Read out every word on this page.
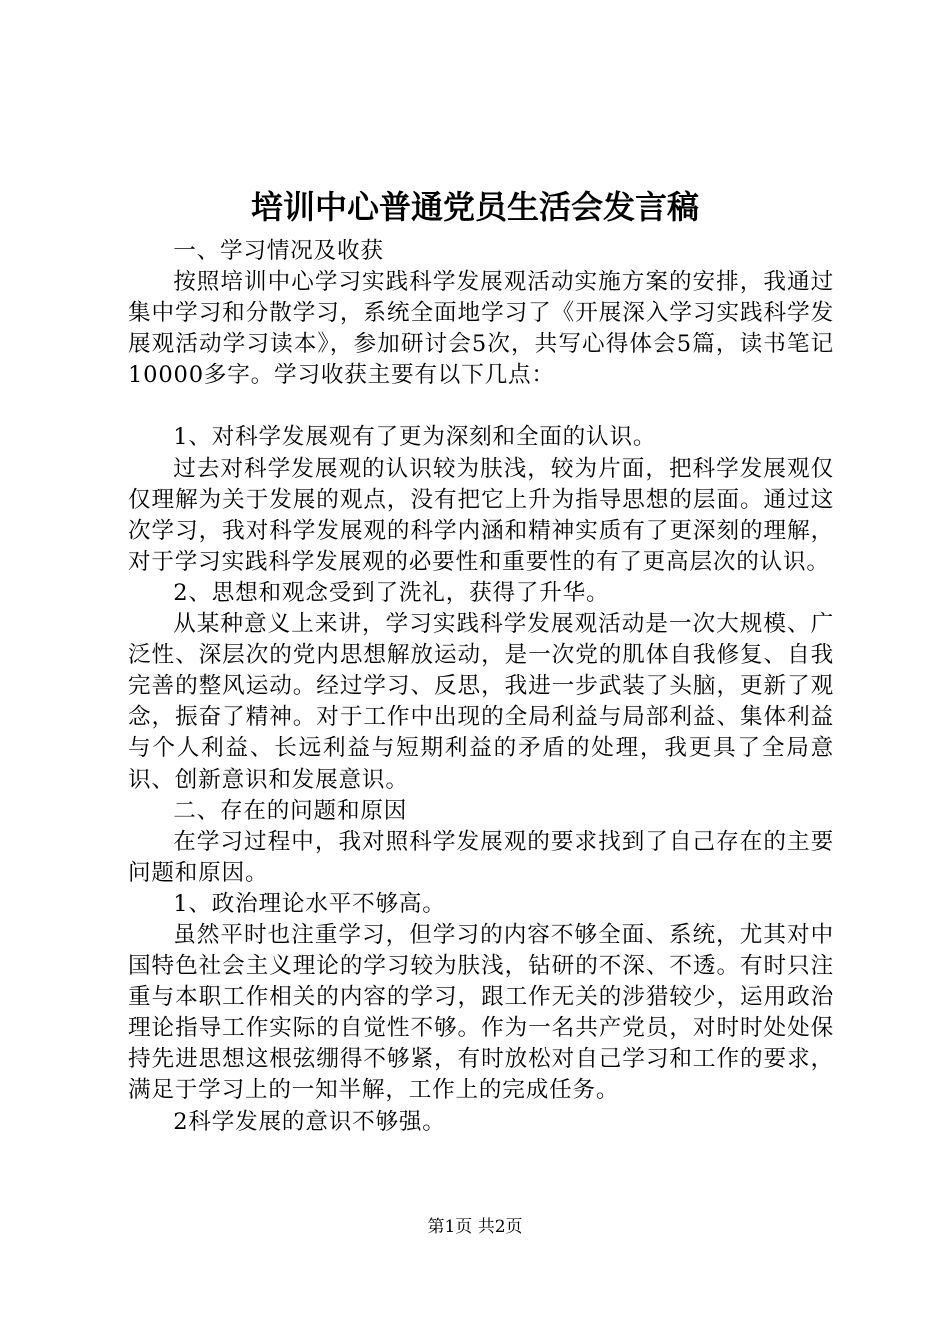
培训中心普通党员生活会发言稿

一、学习情况及收获

按照培训中心学习实践科学发展观活动实施方案的安排，我通过集中学习和分散学习，系统全面地学习了《开展深入学习实践科学发展观活动学习读本》，参加研讨会5次，共写心得体会5篇，读书笔记10000多字。学习收获主要有以下几点：

1、对科学发展观有了更为深刻和全面的认识。

过去对科学发展观的认识较为肤浅，较为片面，把科学发展观仅仅理解为关于发展的观点，没有把它上升为指导思想的层面。通过这次学习，我对科学发展观的科学内涵和精神实质有了更深刻的理解，对于学习实践科学发展观的必要性和重要性的有了更高层次的认识。

2、思想和观念受到了洗礼，获得了升华。

从某种意义上来讲，学习实践科学发展观活动是一次大规模、广泛性、深层次的党内思想解放运动，是一次党的肌体自我修复、自我完善的整风运动。经过学习、反思，我进一步武装了头脑，更新了观念，振奋了精神。对于工作中出现的全局利益与局部利益、集体利益与个人利益、长远利益与短期利益的矛盾的处理，我更具了全局意识、创新意识和发展意识。

二、存在的问题和原因

在学习过程中，我对照科学发展观的要求找到了自己存在的主要问题和原因。

1、政治理论水平不够高。

虽然平时也注重学习，但学习的内容不够全面、系统，尤其对中国特色社会主义理论的学习较为肤浅，钻研的不深、不透。有时只注重与本职工作相关的内容的学习，跟工作无关的涉猎较少，运用政治理论指导工作实际的自觉性不够。作为一名共产党员，对时时处处保持先进思想这根弦绷得不够紧，有时放松对自己学习和工作的要求，满足于学习上的一知半解，工作上的完成任务。

2科学发展的意识不够强。

第1页 共2页
